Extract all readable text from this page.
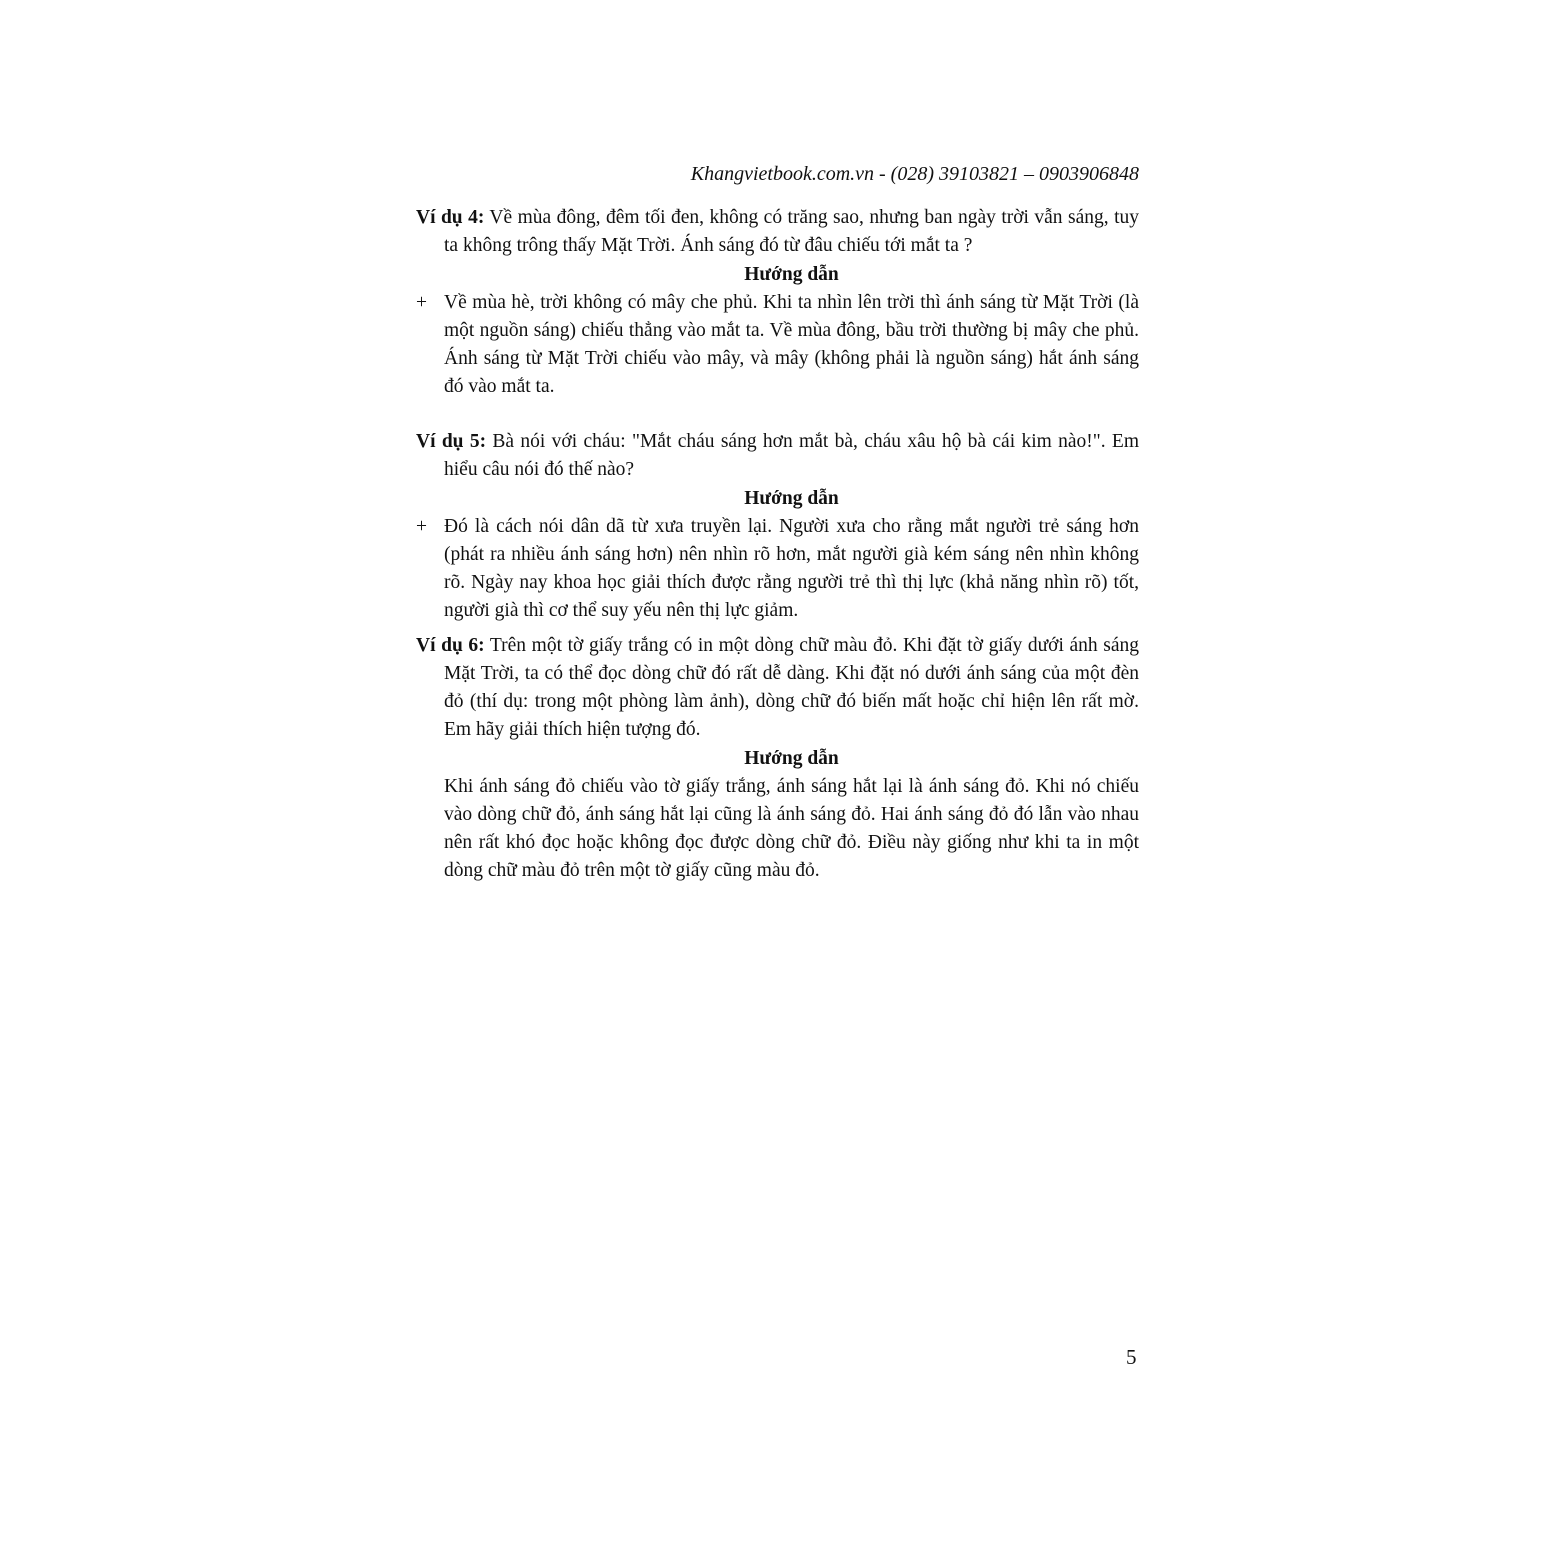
Khangvietbook.com.vn - (028) 39103821 – 0903906848

Ví dụ 4: Về mùa đông, đêm tối đen, không có trăng sao, nhưng ban ngày trời vẫn sáng, tuy ta không trông thấy Mặt Trời. Ánh sáng đó từ đâu chiếu tới mắt ta ?

Hướng dẫn
+ Về mùa hè, trời không có mây che phủ. Khi ta nhìn lên trời thì ánh sáng từ Mặt Trời (là một nguồn sáng) chiếu thẳng vào mắt ta. Về mùa đông, bầu trời thường bị mây che phủ. Ánh sáng từ Mặt Trời chiếu vào mây, và mây (không phải là nguồn sáng) hắt ánh sáng đó vào mắt ta.

Ví dụ 5: Bà nói với cháu: "Mắt cháu sáng hơn mắt bà, cháu xâu hộ bà cái kim nào!". Em hiểu câu nói đó thế nào?

Hướng dẫn
+ Đó là cách nói dân dã từ xưa truyền lại. Người xưa cho rằng mắt người trẻ sáng hơn (phát ra nhiều ánh sáng hơn) nên nhìn rõ hơn, mắt người già kém sáng nên nhìn không rõ. Ngày nay khoa học giải thích được rằng người trẻ thì thị lực (khả năng nhìn rõ) tốt, người già thì cơ thể suy yếu nên thị lực giảm.

Ví dụ 6: Trên một tờ giấy trắng có in một dòng chữ màu đỏ. Khi đặt tờ giấy dưới ánh sáng Mặt Trời, ta có thể đọc dòng chữ đó rất dễ dàng. Khi đặt nó dưới ánh sáng của một đèn đỏ (thí dụ: trong một phòng làm ảnh), dòng chữ đó biến mất hoặc chỉ hiện lên rất mờ. Em hãy giải thích hiện tượng đó.

Hướng dẫn

Khi ánh sáng đỏ chiếu vào tờ giấy trắng, ánh sáng hắt lại là ánh sáng đỏ. Khi nó chiếu vào dòng chữ đỏ, ánh sáng hắt lại cũng là ánh sáng đỏ. Hai ánh sáng đỏ đó lẫn vào nhau nên rất khó đọc hoặc không đọc được dòng chữ đỏ. Điều này giống như khi ta in một dòng chữ màu đỏ trên một tờ giấy cũng màu đỏ.

5
